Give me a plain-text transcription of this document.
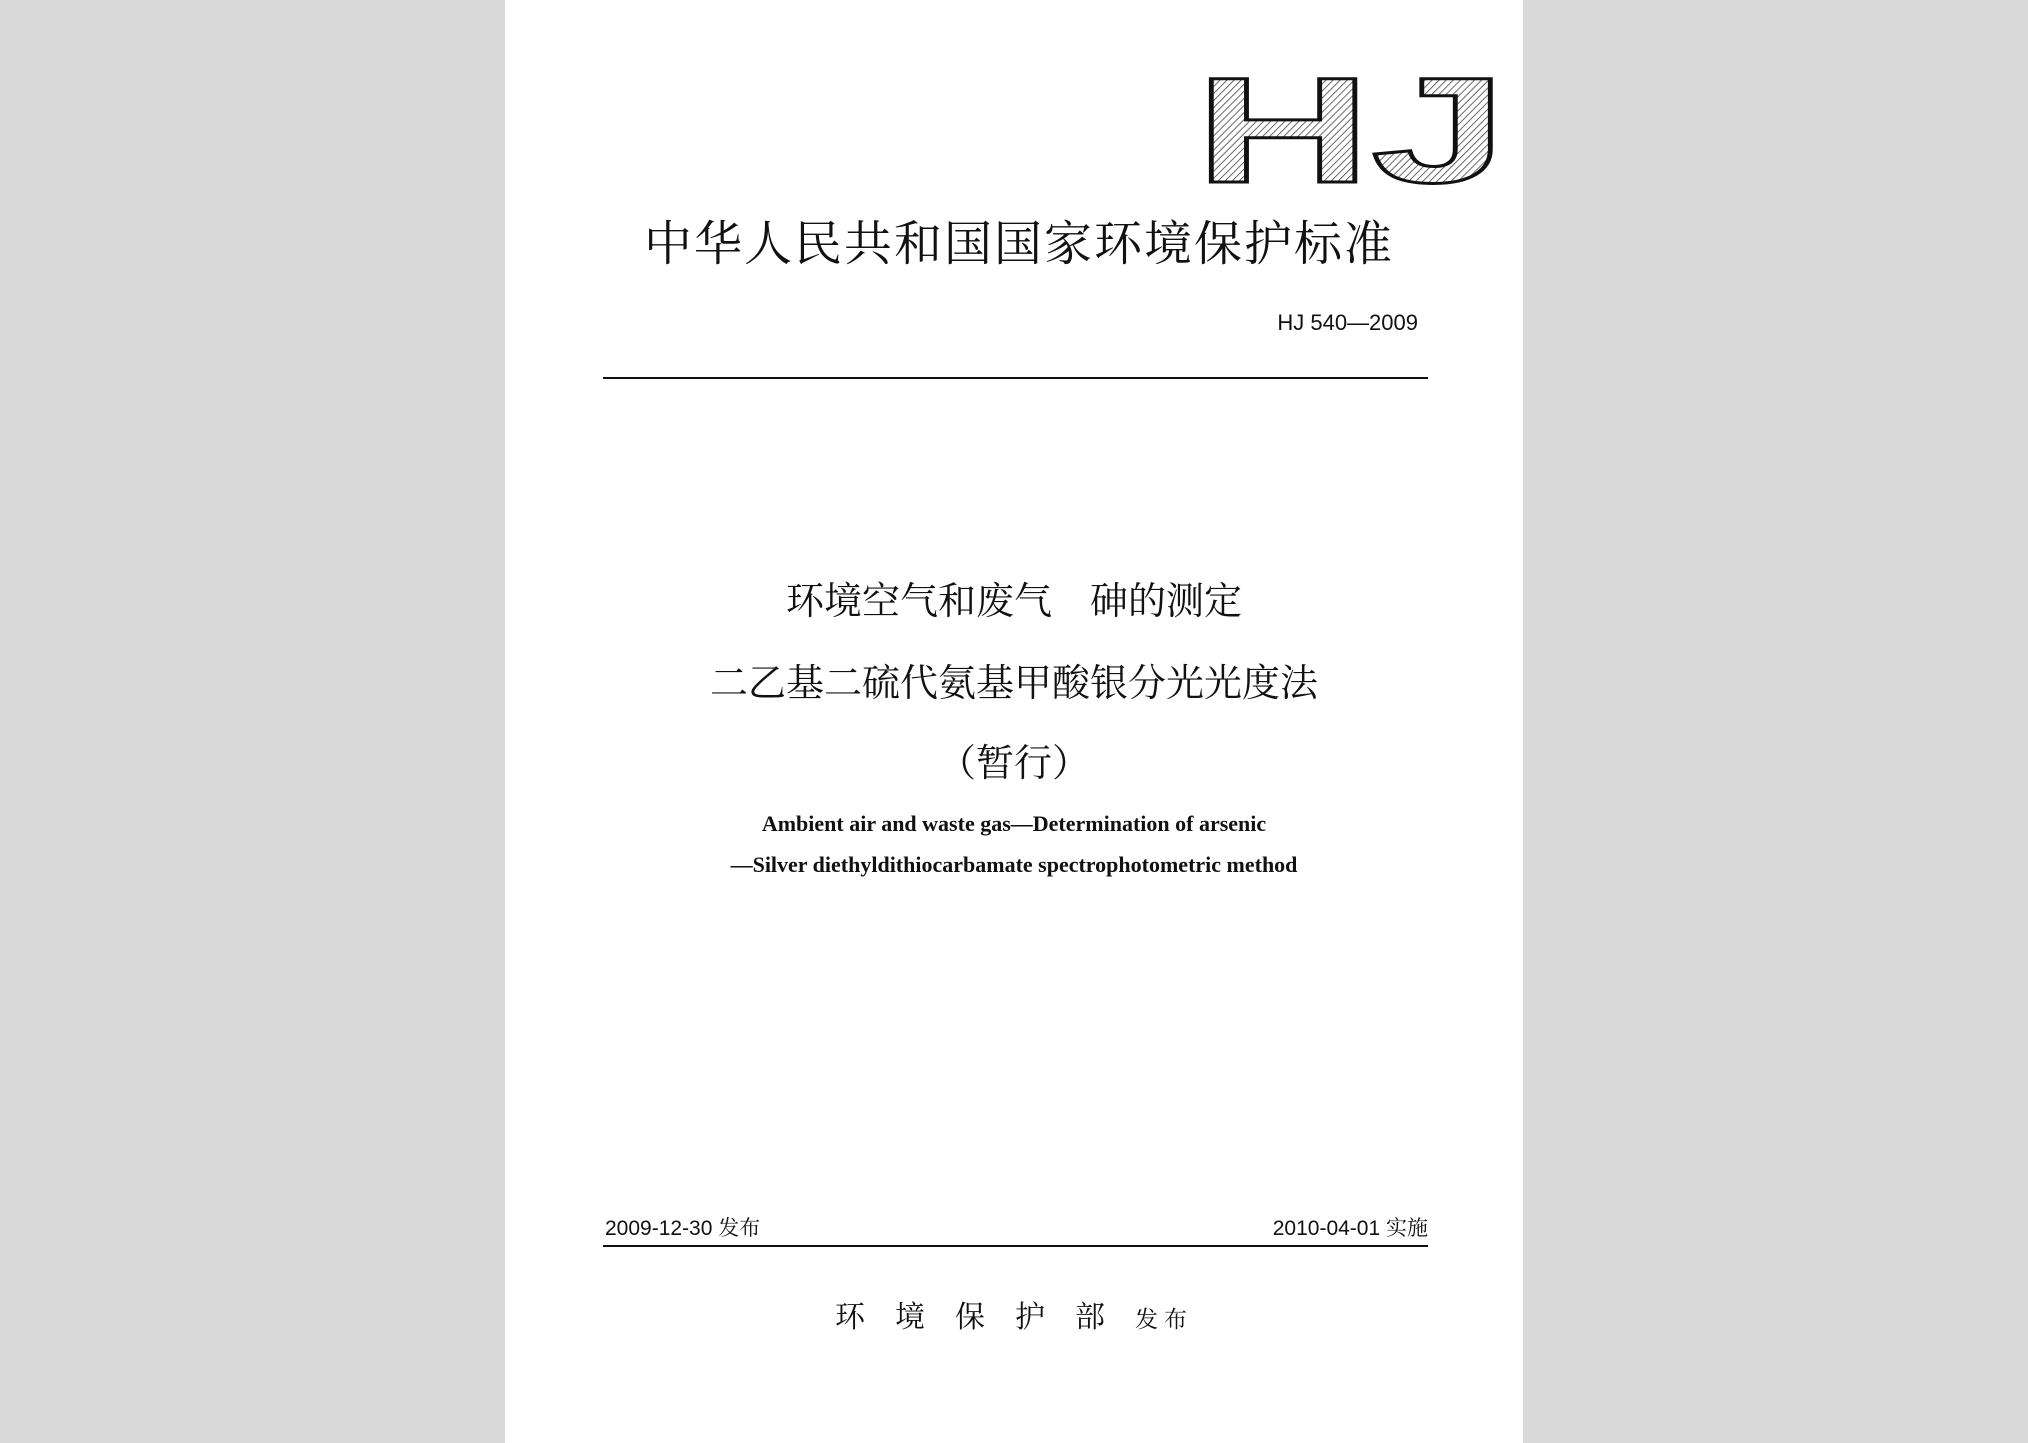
HJ
中华人民共和国国家环境保护标准
HJ 540—2009
环境空气和废气　砷的测定
二乙基二硫代氨基甲酸银分光光度法
（暂行）
Ambient air and waste gas—Determination of arsenic
—Silver diethyldithiocarbamate spectrophotometric method
2009-12-30 发布	2010-04-01 实施
环境保护部发布
